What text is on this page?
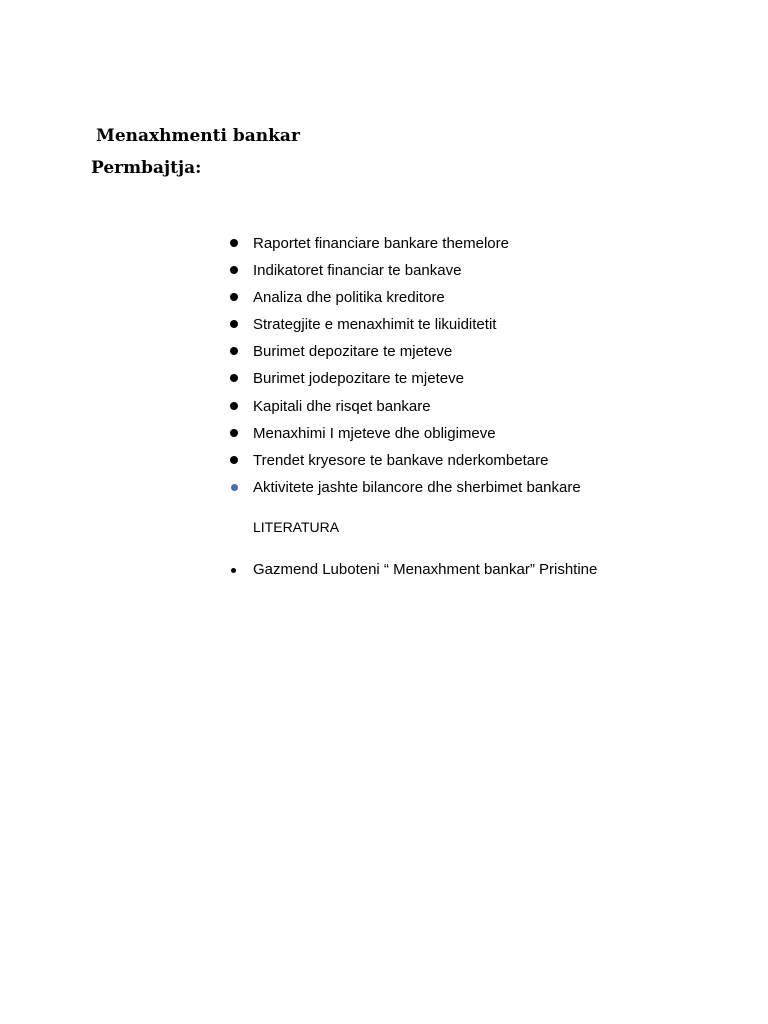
Menaxhmenti bankar
Permbajtja:
Raportet financiare bankare themelore
Indikatoret financiar te bankave
Analiza dhe politika kreditore
Strategjite e menaxhimit te likuiditetit
Burimet depozitare te mjeteve
Burimet jodepozitare te mjeteve
Kapitali dhe risqet bankare
Menaxhimi I mjeteve dhe obligimeve
Trendet kryesore te bankave nderkombetare
Aktivitete jashte bilancore dhe sherbimet bankare
LITERATURA
Gazmend Luboteni “ Menaxhment bankar” Prishtine
